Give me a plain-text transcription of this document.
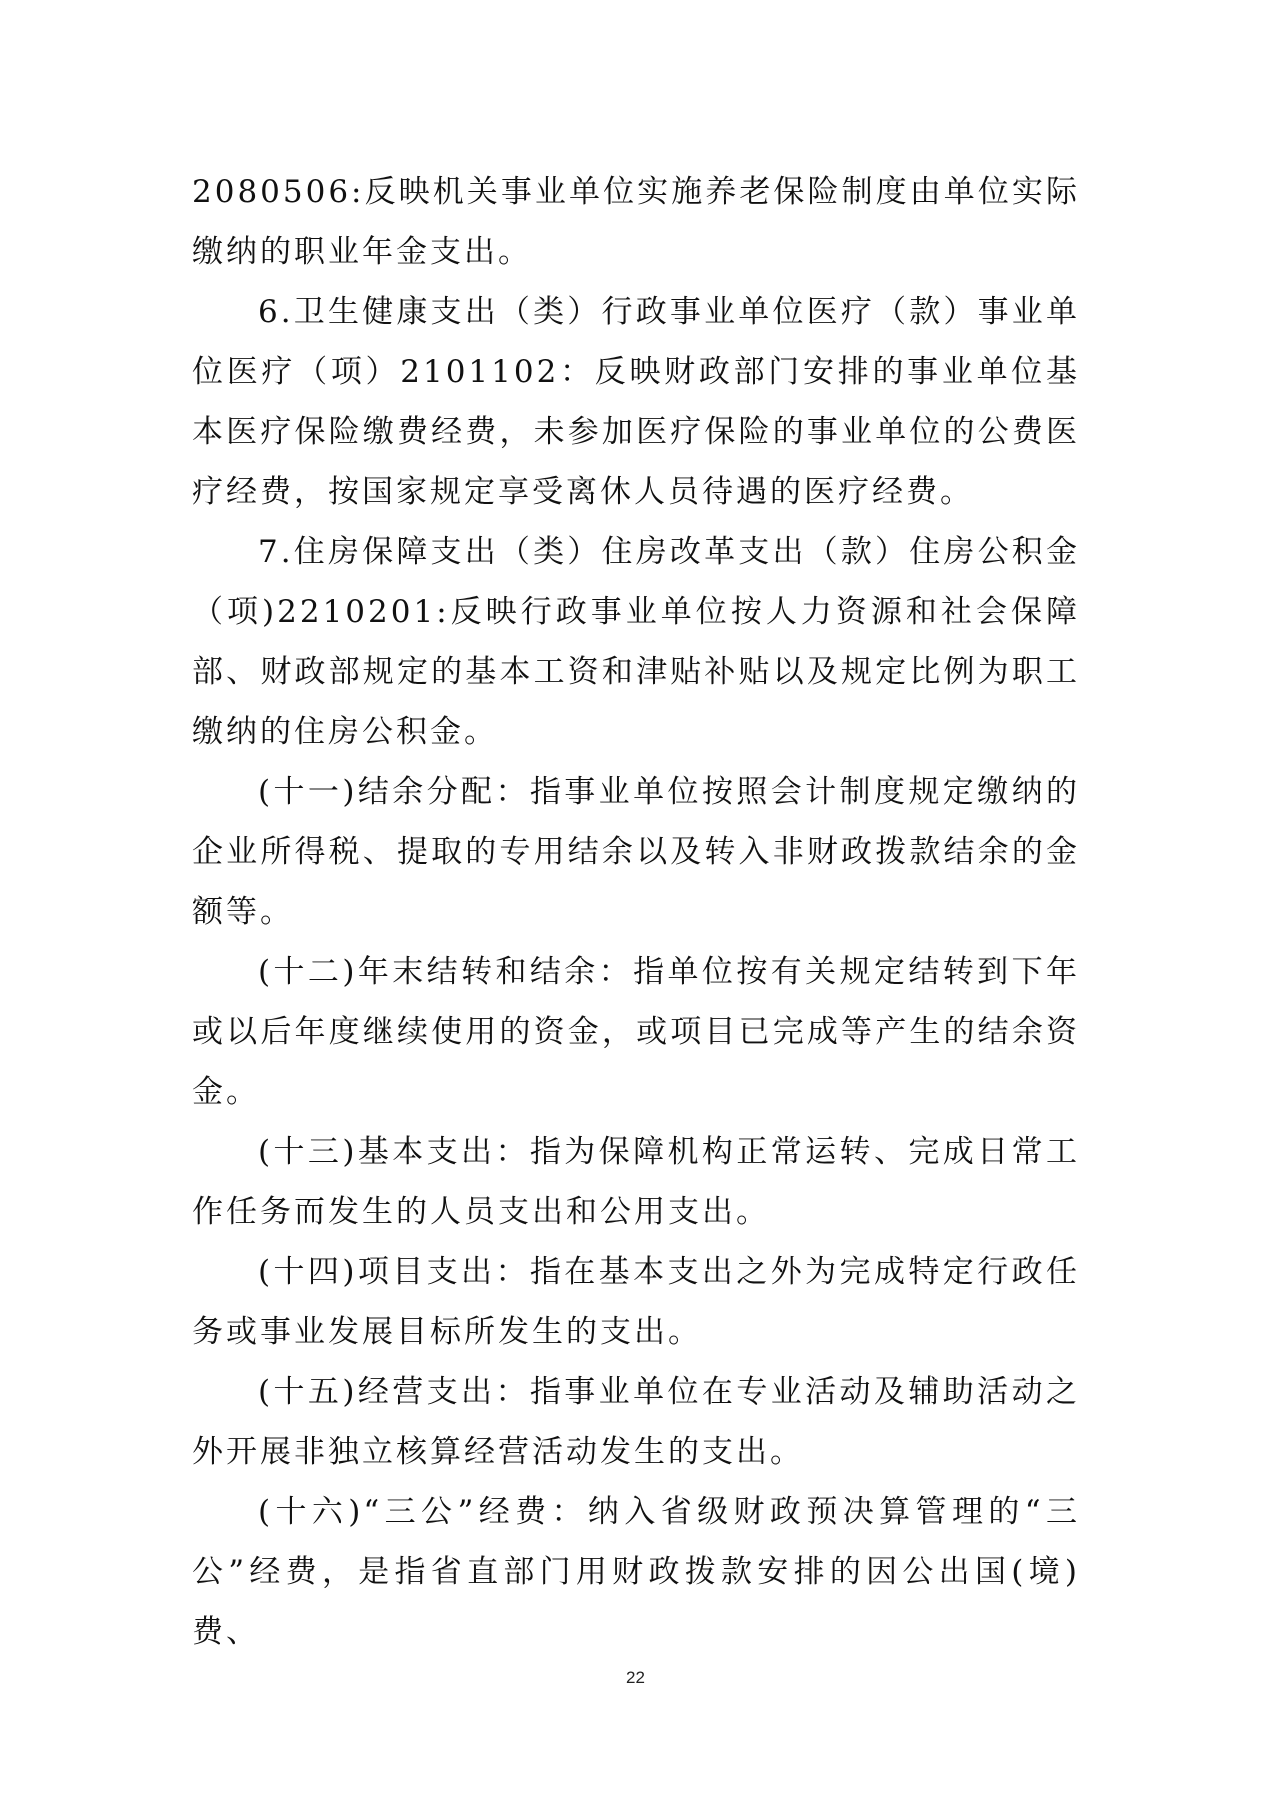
2080506:反映机关事业单位实施养老保险制度由单位实际缴纳的职业年金支出。

6.卫生健康支出（类）行政事业单位医疗（款）事业单位医疗（项）2101102：反映财政部门安排的事业单位基本医疗保险缴费经费，未参加医疗保险的事业单位的公费医疗经费，按国家规定享受离休人员待遇的医疗经费。

7.住房保障支出（类）住房改革支出（款）住房公积金（项)2210201:反映行政事业单位按人力资源和社会保障部、财政部规定的基本工资和津贴补贴以及规定比例为职工缴纳的住房公积金。

(十一)结余分配：指事业单位按照会计制度规定缴纳的企业所得税、提取的专用结余以及转入非财政拨款结余的金额等。

(十二)年末结转和结余：指单位按有关规定结转到下年或以后年度继续使用的资金，或项目已完成等产生的结余资金。

(十三)基本支出：指为保障机构正常运转、完成日常工作任务而发生的人员支出和公用支出。

(十四)项目支出：指在基本支出之外为完成特定行政任务或事业发展目标所发生的支出。

(十五)经营支出：指事业单位在专业活动及辅助活动之外开展非独立核算经营活动发生的支出。

(十六)“三公”经费：纳入省级财政预决算管理的“三公”经费，是指省直部门用财政拨款安排的因公出国(境)费、

22
